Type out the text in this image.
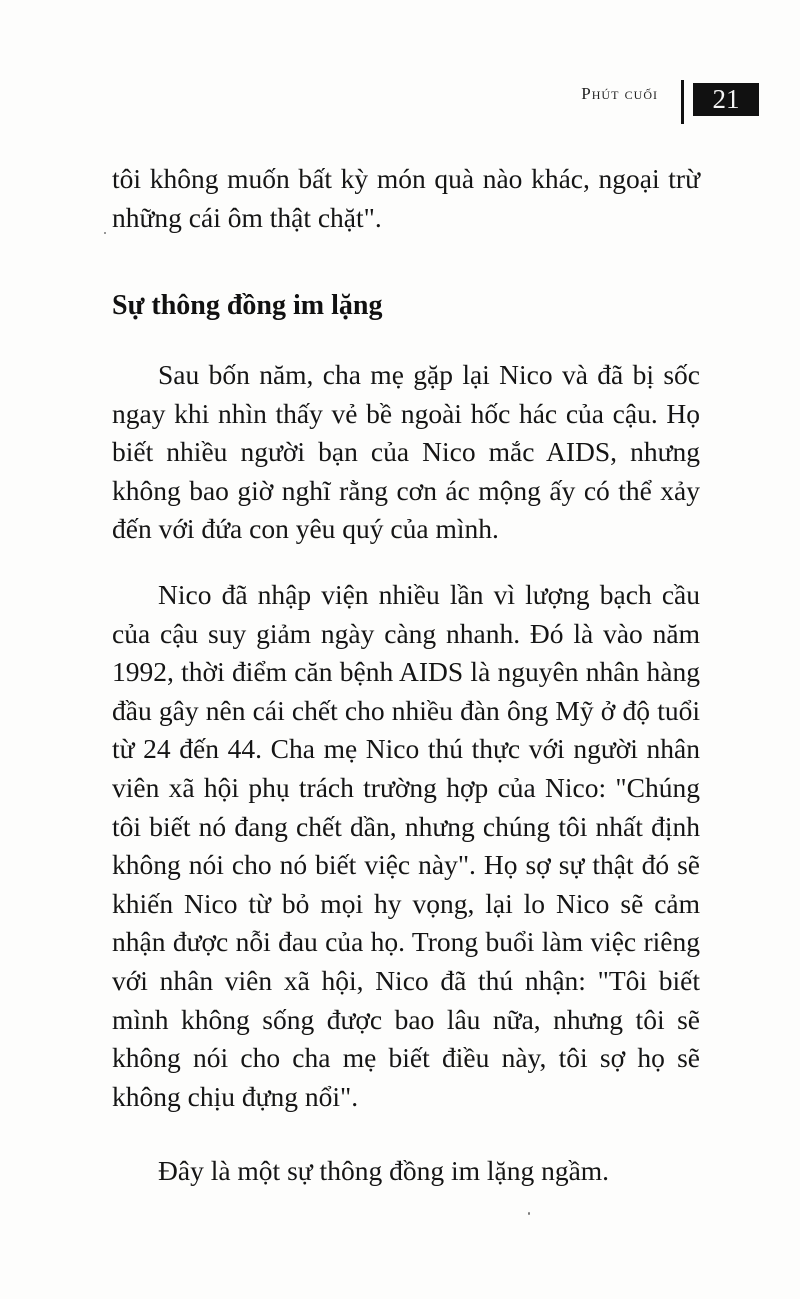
Phút cuối	21

tôi không muốn bất kỳ món quà nào khác, ngoại trừ những cái ôm thật chặt".

Sự thông đồng im lặng

Sau bốn năm, cha mẹ gặp lại Nico và đã bị sốc ngay khi nhìn thấy vẻ bề ngoài hốc hác của cậu. Họ biết nhiều người bạn của Nico mắc AIDS, nhưng không bao giờ nghĩ rằng cơn ác mộng ấy có thể xảy đến với đứa con yêu quý của mình.

Nico đã nhập viện nhiều lần vì lượng bạch cầu của cậu suy giảm ngày càng nhanh. Đó là vào năm 1992, thời điểm căn bệnh AIDS là nguyên nhân hàng đầu gây nên cái chết cho nhiều đàn ông Mỹ ở độ tuổi từ 24 đến 44. Cha mẹ Nico thú thực với người nhân viên xã hội phụ trách trường hợp của Nico: "Chúng tôi biết nó đang chết dần, nhưng chúng tôi nhất định không nói cho nó biết việc này". Họ sợ sự thật đó sẽ khiến Nico từ bỏ mọi hy vọng, lại lo Nico sẽ cảm nhận được nỗi đau của họ. Trong buổi làm việc riêng với nhân viên xã hội, Nico đã thú nhận: "Tôi biết mình không sống được bao lâu nữa, nhưng tôi sẽ không nói cho cha mẹ biết điều này, tôi sợ họ sẽ không chịu đựng nổi".

Đây là một sự thông đồng im lặng ngầm.
